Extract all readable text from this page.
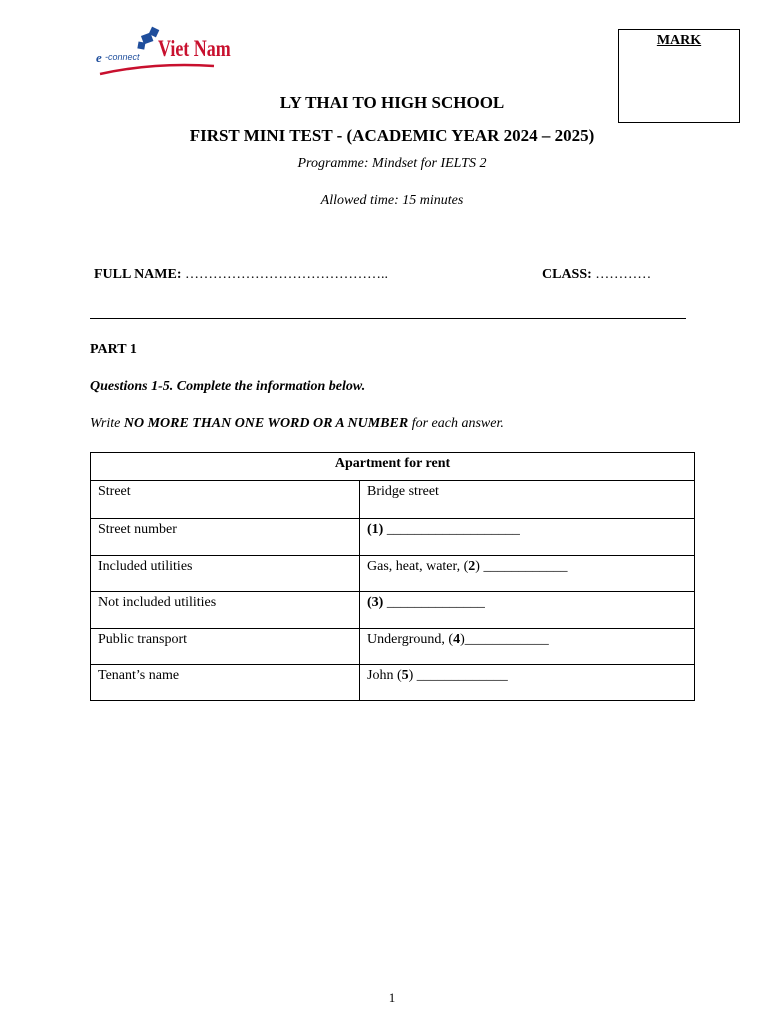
e -connect Viet Nam	MARK
LY THAI TO HIGH SCHOOL
FIRST MINI TEST - (ACADEMIC YEAR 2024 – 2025)
Programme: Mindset for IELTS 2
Allowed time: 15 minutes
FULL NAME: ……………………………………..	CLASS: …………
PART 1
Questions 1-5. Complete the information below.
Write NO MORE THAN ONE WORD OR A NUMBER for each answer.
Apartment for rent	
Street	Bridge street
Street number	(1) ___________________
Included utilities	Gas, heat, water, (2) ____________
Not included utilities	(3) ______________
Public transport	Underground, (4)____________
Tenant’s name	John (5) _____________
1
